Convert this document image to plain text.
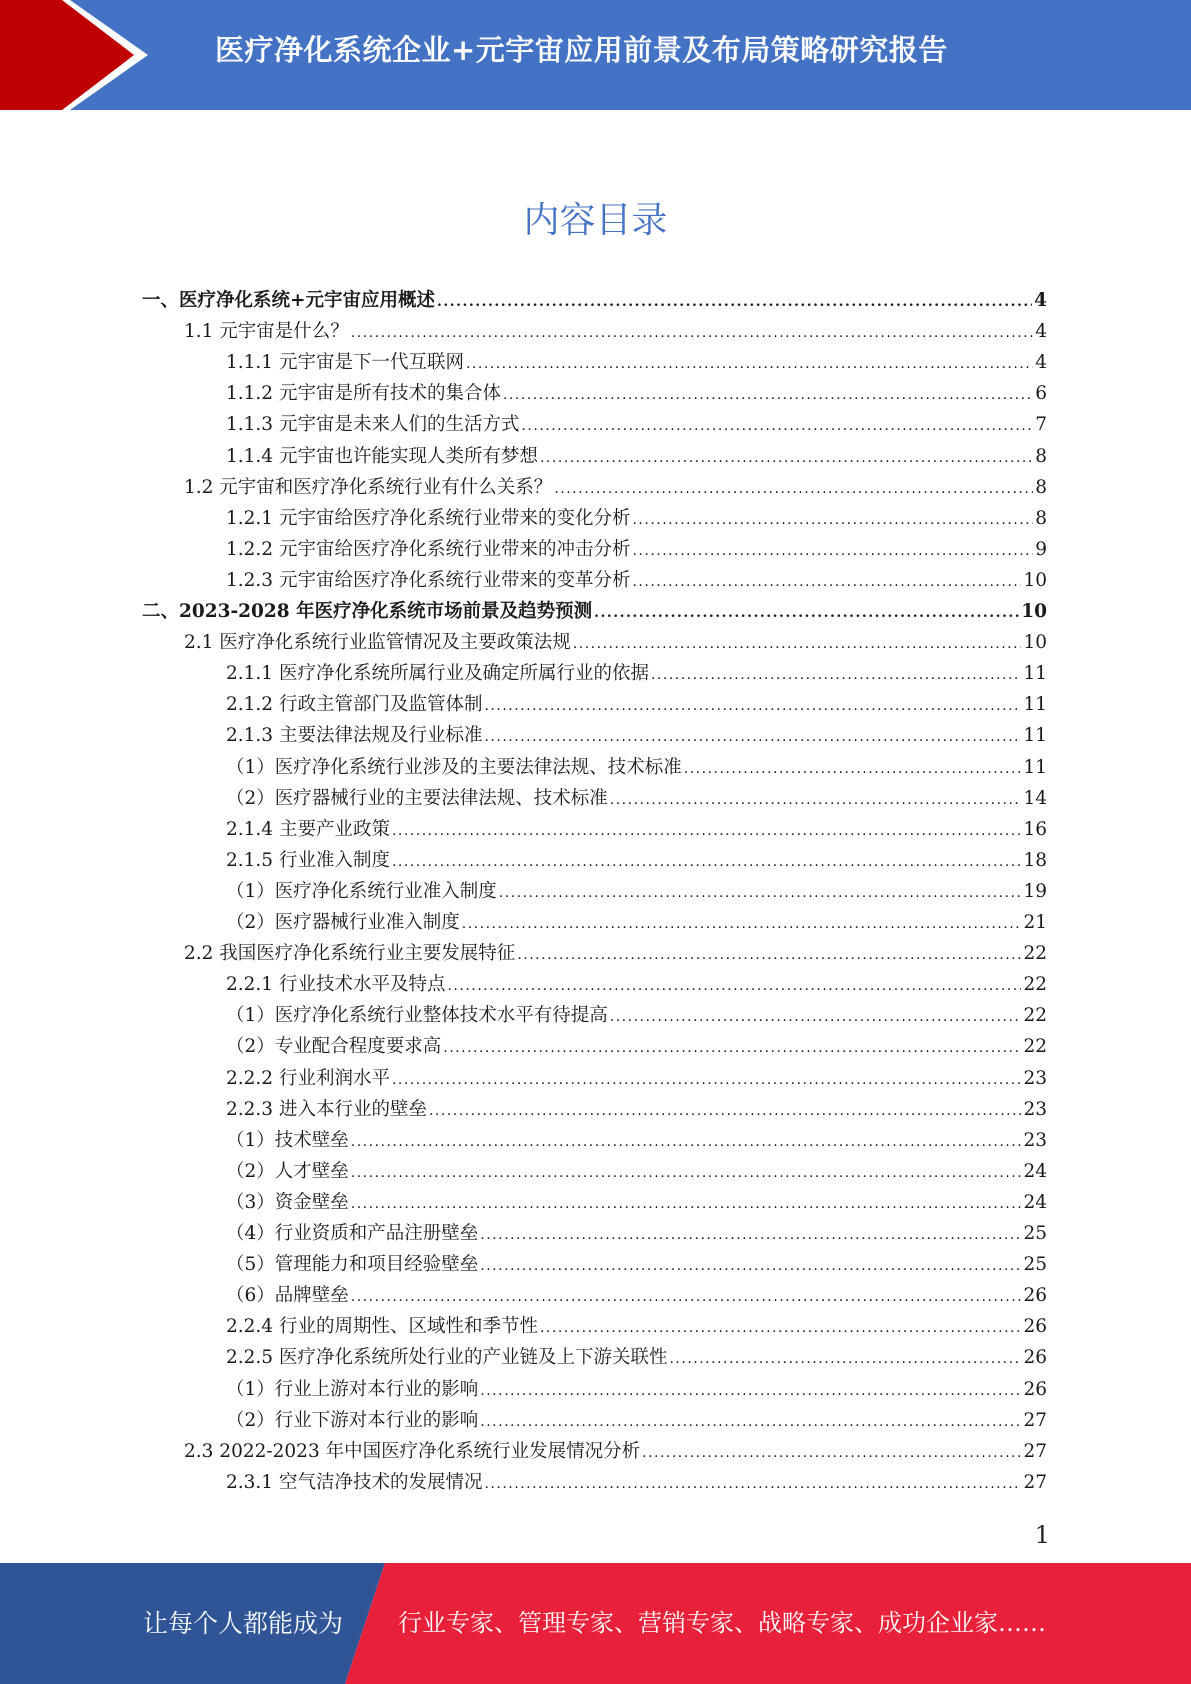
医疗净化系统企业+元宇宙应用前景及布局策略研究报告
内容目录
一、医疗净化系统+元宇宙应用概述 .....	4
1.1 元宇宙是什么？ .....	4
1.1.1 元宇宙是下一代互联网 .....	4
1.1.2 元宇宙是所有技术的集合体 .....	6
1.1.3 元宇宙是未来人们的生活方式 .....	7
1.1.4 元宇宙也许能实现人类所有梦想 .....	8
1.2 元宇宙和医疗净化系统行业有什么关系？ .....	8
1.2.1 元宇宙给医疗净化系统行业带来的变化分析 .....	8
1.2.2 元宇宙给医疗净化系统行业带来的冲击分析 .....	9
1.2.3 元宇宙给医疗净化系统行业带来的变革分析 .....	10
二、2023-2028 年医疗净化系统市场前景及趋势预测 .....	10
2.1 医疗净化系统行业监管情况及主要政策法规 .....	10
2.1.1 医疗净化系统所属行业及确定所属行业的依据 .....	11
2.1.2 行政主管部门及监管体制 .....	11
2.1.3 主要法律法规及行业标准 .....	11
（1）医疗净化系统行业涉及的主要法律法规、技术标准 .....	11
（2）医疗器械行业的主要法律法规、技术标准 .....	14
2.1.4 主要产业政策 .....	16
2.1.5 行业准入制度 .....	18
（1）医疗净化系统行业准入制度 .....	19
（2）医疗器械行业准入制度 .....	21
2.2 我国医疗净化系统行业主要发展特征 .....	22
2.2.1 行业技术水平及特点 .....	22
（1）医疗净化系统行业整体技术水平有待提高 .....	22
（2）专业配合程度要求高 .....	22
2.2.2 行业利润水平 .....	23
2.2.3 进入本行业的壁垒 .....	23
（1）技术壁垒 .....	23
（2）人才壁垒 .....	24
（3）资金壁垒 .....	24
（4）行业资质和产品注册壁垒 .....	25
（5）管理能力和项目经验壁垒 .....	25
（6）品牌壁垒 .....	26
2.2.4 行业的周期性、区域性和季节性 .....	26
2.2.5 医疗净化系统所处行业的产业链及上下游关联性 .....	26
（1）行业上游对本行业的影响 .....	26
（2）行业下游对本行业的影响 .....	27
2.3 2022-2023 年中国医疗净化系统行业发展情况分析 .....	27
2.3.1 空气洁净技术的发展情况 .....	27
1
让每个人都能成为 行业专家、管理专家、营销专家、战略专家、成功企业家……
